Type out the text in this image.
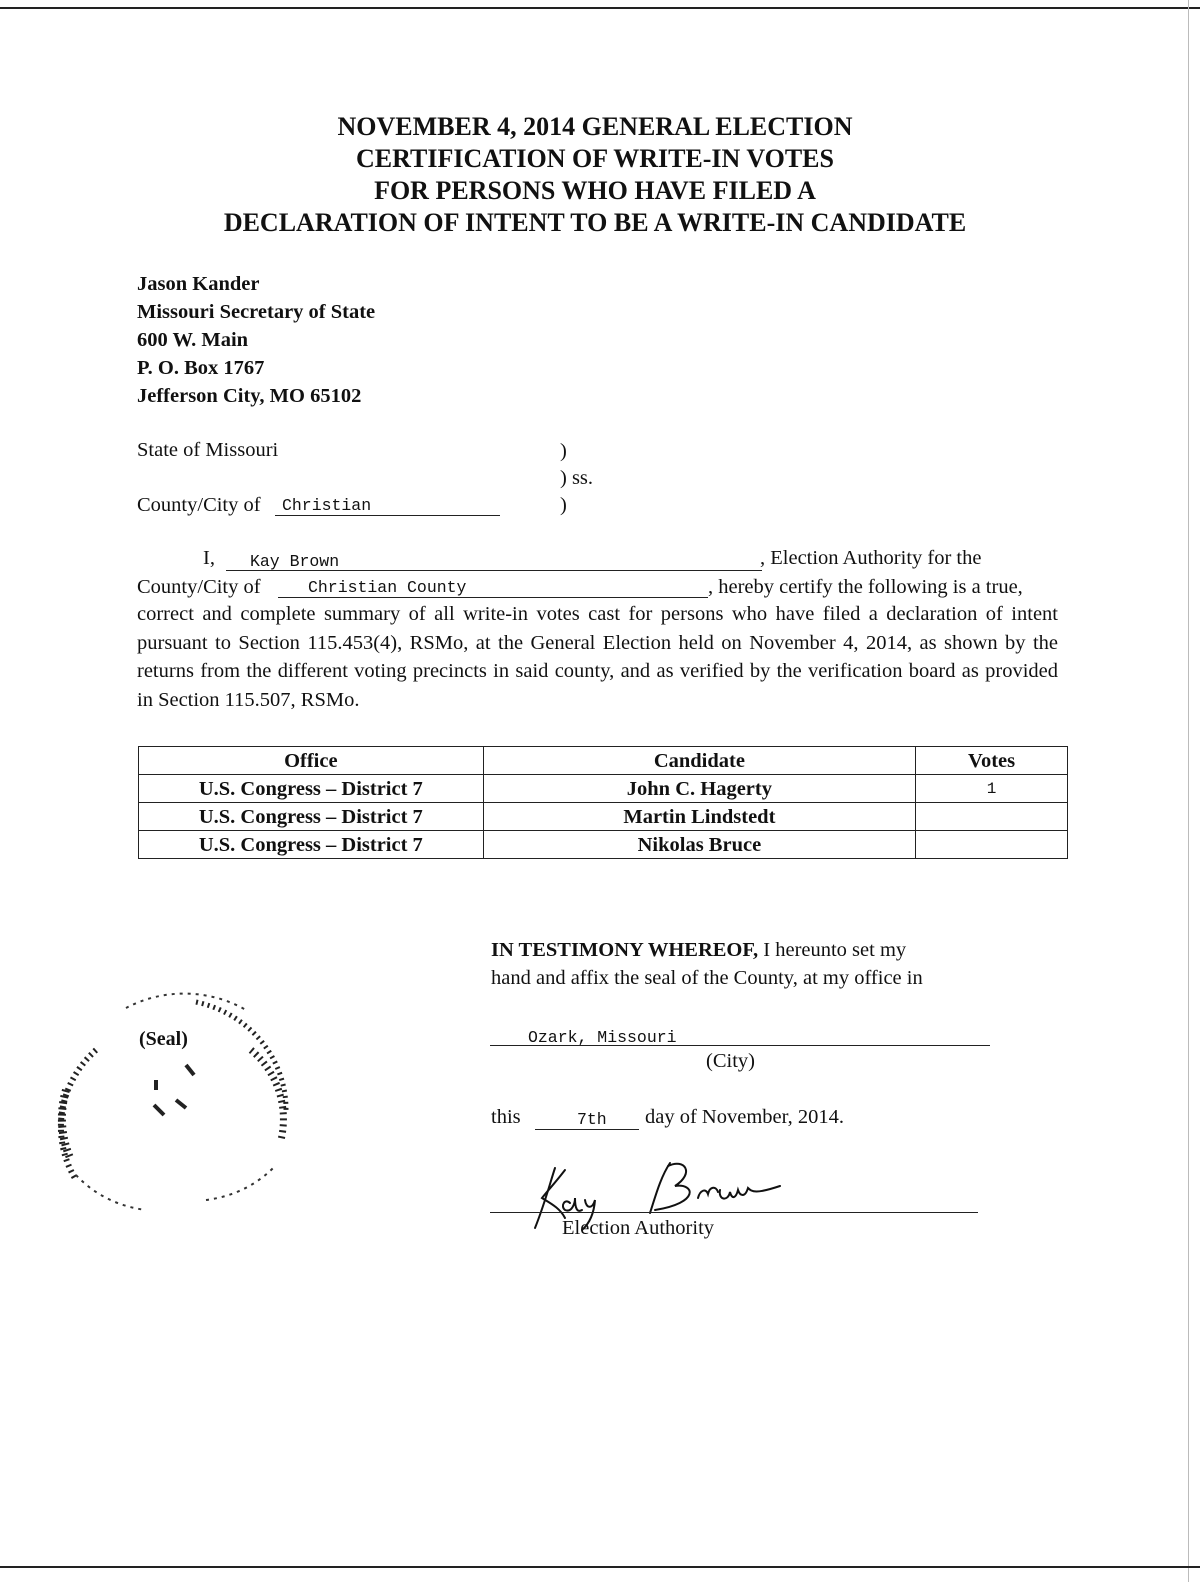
NOVEMBER 4, 2014 GENERAL ELECTION
CERTIFICATION OF WRITE-IN VOTES
FOR PERSONS WHO HAVE FILED A
DECLARATION OF INTENT TO BE A WRITE-IN CANDIDATE
Jason Kander
Missouri Secretary of State
600 W. Main
P. O. Box 1767
Jefferson City, MO 65102
State of Missouri	)
) ss.
)
County/City of Christian
I, Kay Brown	, Election Authority for the
County/City of	Christian County	, hereby certify the following is a true,
correct and complete summary of all write-in votes cast for persons who have filed a declaration of intent pursuant to Section 115.453(4), RSMo, at the General Election held on November 4, 2014, as shown by the returns from the different voting precincts in said county, and as verified by the verification board as provided in Section 115.507, RSMo.
Office	Candidate	Votes
U.S. Congress – District 7	John C. Hagerty	1
U.S. Congress – District 7	Martin Lindstedt	
U.S. Congress – District 7	Nikolas Bruce	
(Seal)
IN TESTIMONY WHEREOF, I hereunto set my
hand and affix the seal of the County, at my office in
Ozark, Missouri
(City)
this	7th day of November, 2014.
Election Authority
